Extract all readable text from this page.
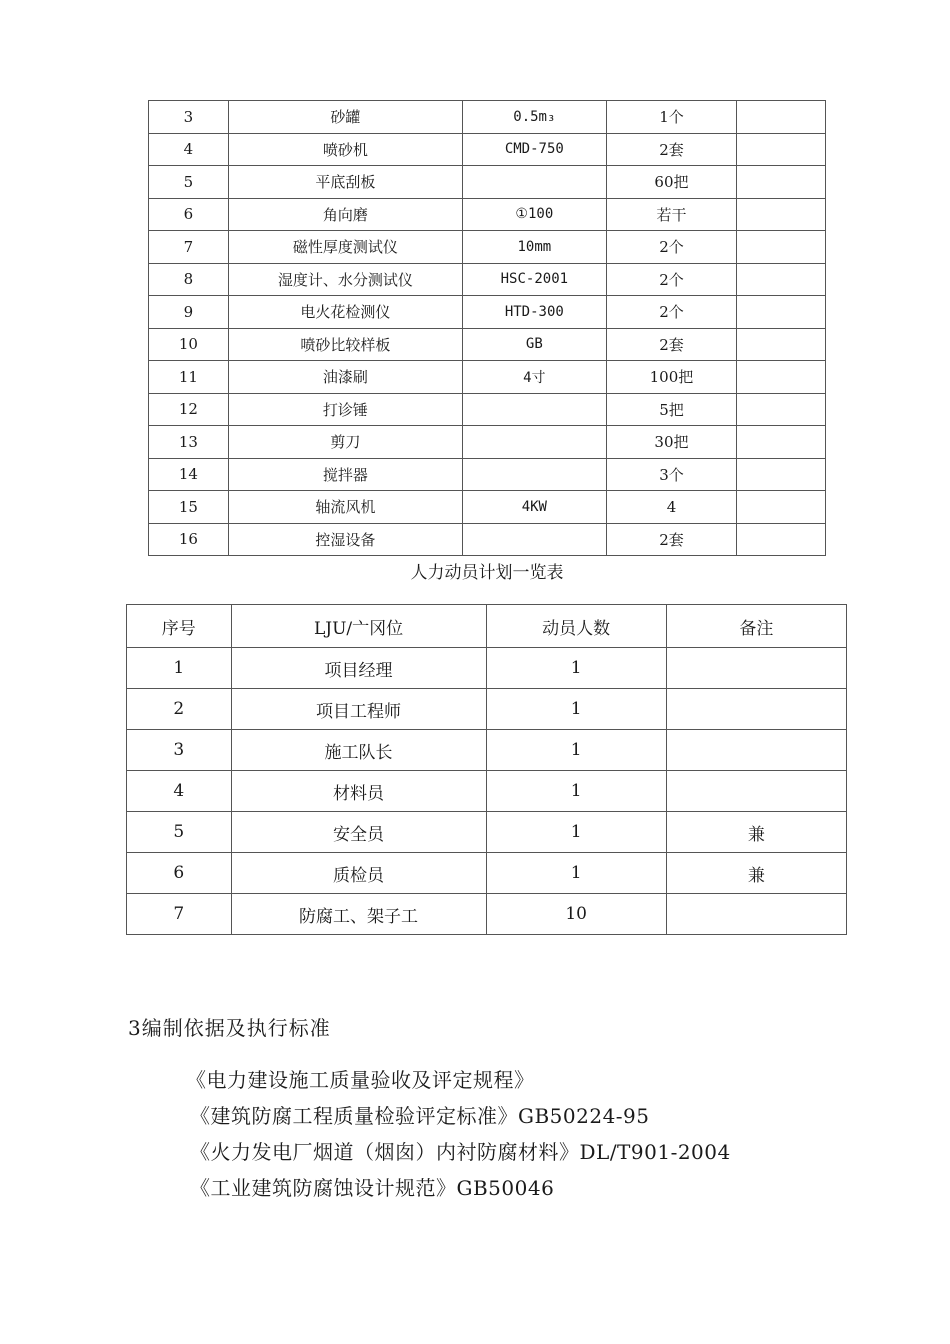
3	砂罐	0.5m₃	1个	
4	喷砂机	CMD-750	2套	
5	平底刮板		60把	
6	角向磨	①100	若干	
7	磁性厚度测试仪	10mm	2个	
8	湿度计、水分测试仪	HSC-2001	2个	
9	电火花检测仪	HTD-300	2个	
10	喷砂比较样板	GB	2套	
11	油漆刷	4寸	100把	
12	打诊锤		5把	
13	剪刀		30把	
14	搅拌器		3个	
15	轴流风机	4KW	4	
16	控湿设备		2套	
人力动员计划一览表
序号	LJU/亠冈位	动员人数	备注
1	项目经理	1	
2	项目工程师	1	
3	施工队长	1	
4	材料员	1	
5	安全员	1	兼
6	质检员	1	兼
7	防腐工、架子工	10	
3编制依据及执行标准
《电力建设施工质量验收及评定规程》
《建筑防腐工程质量检验评定标准》GB50224-95
《火力发电厂烟道（烟囱）内衬防腐材料》DL/T901-2004
《工业建筑防腐蚀设计规范》GB50046
